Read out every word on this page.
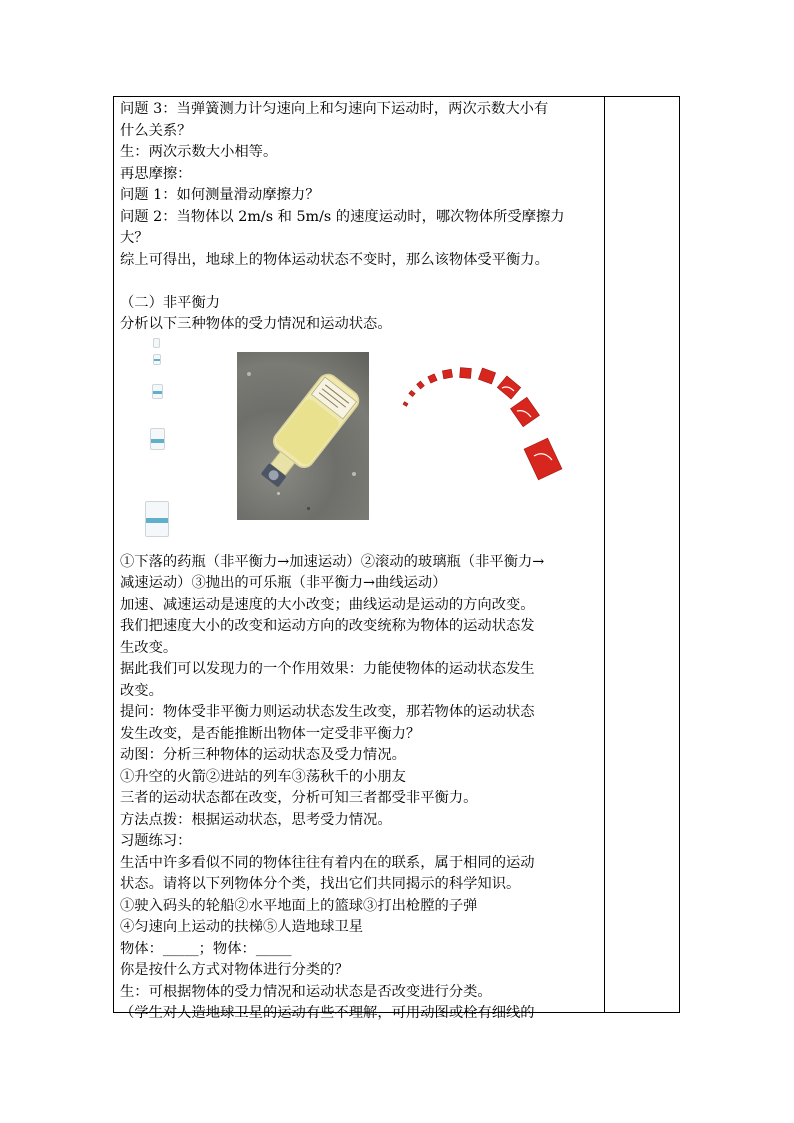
问题 3：当弹簧测力计匀速向上和匀速向下运动时，两次示数大小有

什么关系？

生：两次示数大小相等。

再思摩擦：

问题 1：如何测量滑动摩擦力？

问题 2：当物体以 2m/s 和 5m/s 的速度运动时，哪次物体所受摩擦力

大？

综上可得出，地球上的物体运动状态不变时，那么该物体受平衡力。

（二）非平衡力

分析以下三种物体的受力情况和运动状态。

①下落的药瓶（非平衡力→加速运动）②滚动的玻璃瓶（非平衡力→

减速运动）③抛出的可乐瓶（非平衡力→曲线运动）

加速、减速运动是速度的大小改变；曲线运动是运动的方向改变。

我们把速度大小的改变和运动方向的改变统称为物体的运动状态发

生改变。

据此我们可以发现力的一个作用效果：力能使物体的运动状态发生

改变。

提问：物体受非平衡力则运动状态发生改变，那若物体的运动状态

发生改变，是否能推断出物体一定受非平衡力？

动图：分析三种物体的运动状态及受力情况。

①升空的火箭②进站的列车③荡秋千的小朋友

三者的运动状态都在改变，分析可知三者都受非平衡力。

方法点拨：根据运动状态，思考受力情况。

习题练习：

生活中许多看似不同的物体往往有着内在的联系，属于相同的运动

状态。请将以下列物体分个类，找出它们共同揭示的科学知识。

①驶入码头的轮船②水平地面上的篮球③打出枪膛的子弹

④匀速向上运动的扶梯⑤人造地球卫星

物体：_____；物体：_____

你是按什么方式对物体进行分类的？

生：可根据物体的受力情况和运动状态是否改变进行分类。

（学生对人造地球卫星的运动有些不理解，可用动图或栓有细线的
